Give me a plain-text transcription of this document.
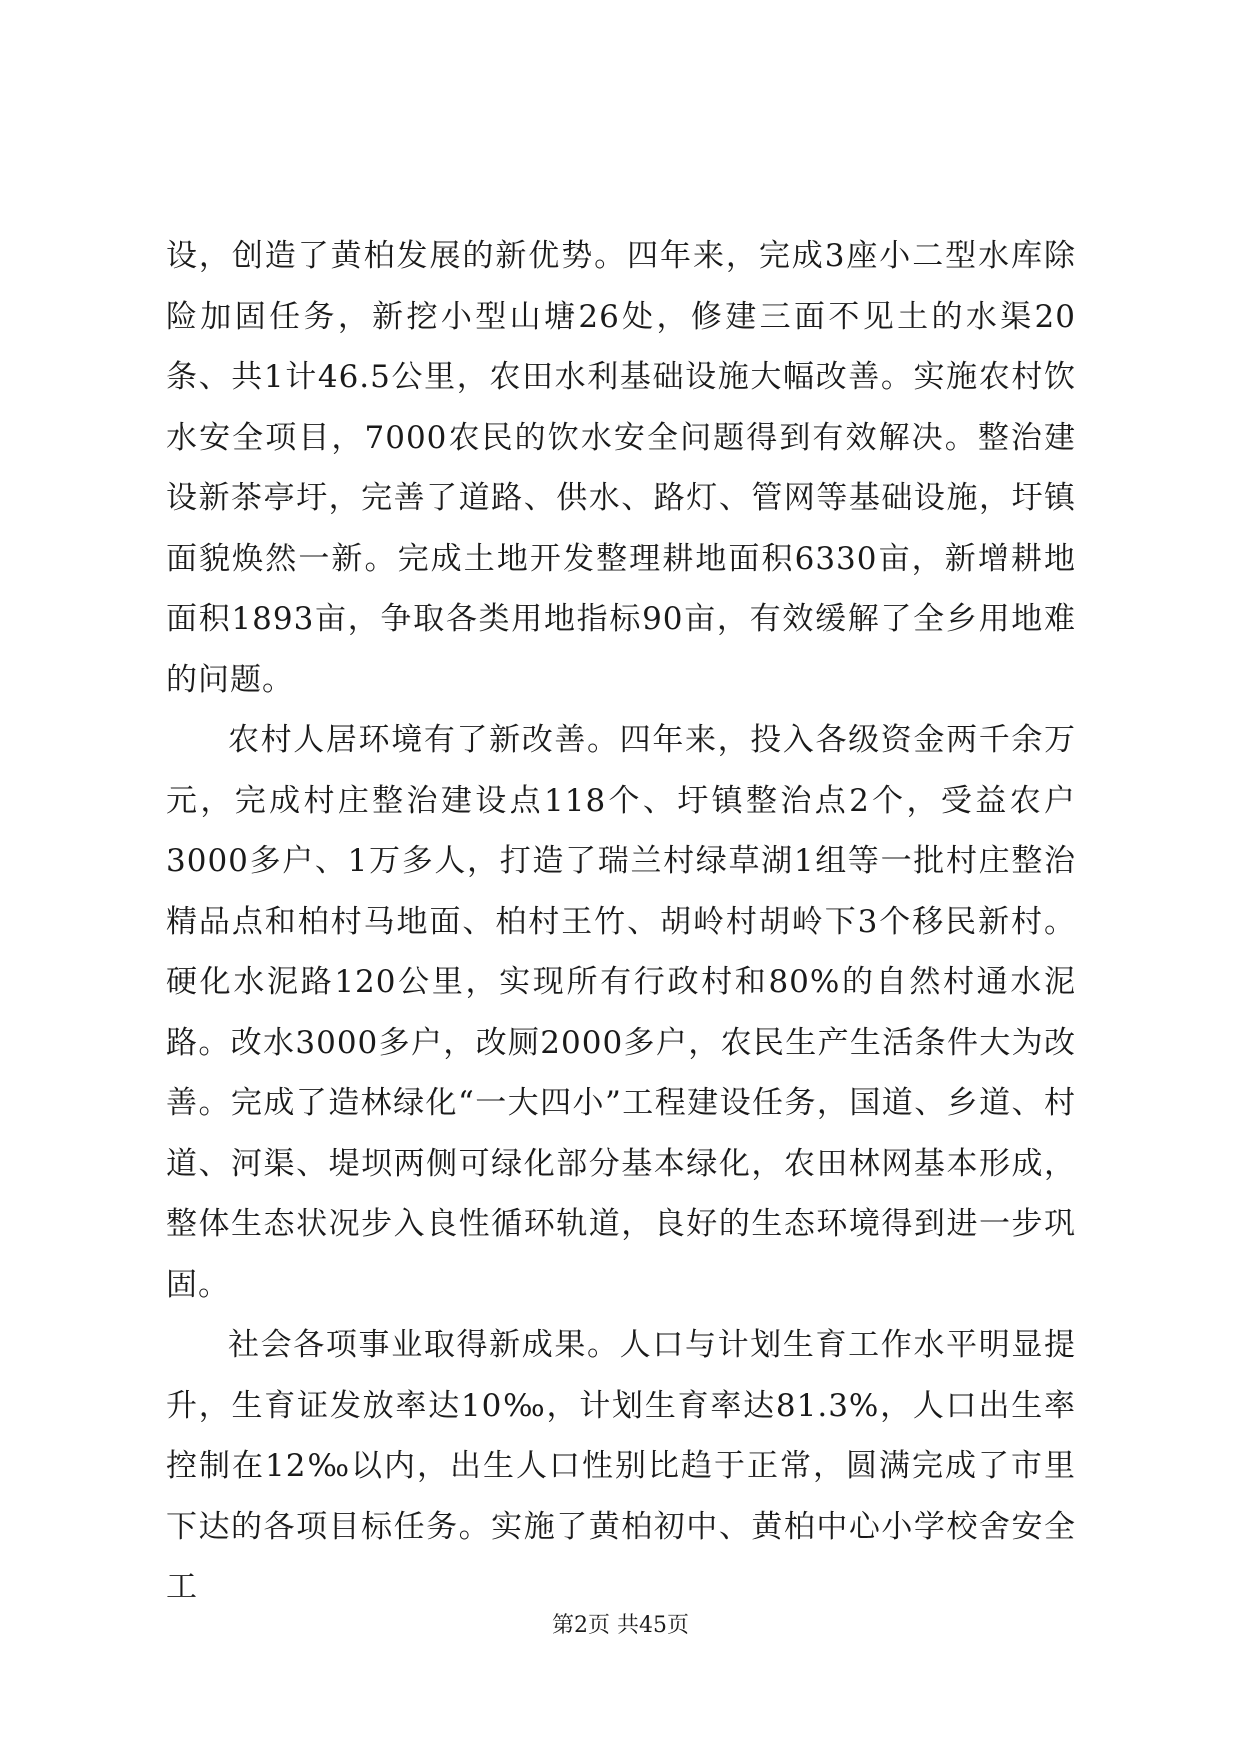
设，创造了黄柏发展的新优势。四年来，完成3座小二型水库除险加固任务，新挖小型山塘26处，修建三面不见土的水渠20条、共1计46.5公里，农田水利基础设施大幅改善。实施农村饮水安全项目，7000农民的饮水安全问题得到有效解决。整治建设新茶亭圩，完善了道路、供水、路灯、管网等基础设施，圩镇面貌焕然一新。完成土地开发整理耕地面积6330亩，新增耕地面积1893亩，争取各类用地指标90亩，有效缓解了全乡用地难的问题。

农村人居环境有了新改善。四年来，投入各级资金两千余万元，完成村庄整治建设点118个、圩镇整治点2个，受益农户3000多户、1万多人，打造了瑞兰村绿草湖1组等一批村庄整治精品点和柏村马地面、柏村王竹、胡岭村胡岭下3个移民新村。硬化水泥路120公里，实现所有行政村和80%的自然村通水泥路。改水3000多户，改厕2000多户，农民生产生活条件大为改善。完成了造林绿化“一大四小”工程建设任务，国道、乡道、村道、河渠、堤坝两侧可绿化部分基本绿化，农田林网基本形成，整体生态状况步入良性循环轨道，良好的生态环境得到进一步巩固。

社会各项事业取得新成果。人口与计划生育工作水平明显提升，生育证发放率达10‰，计划生育率达81.3%，人口出生率控制在12‰以内，出生人口性别比趋于正常，圆满完成了市里下达的各项目标任务。实施了黄柏初中、黄柏中心小学校舍安全工

第2页 共45页
